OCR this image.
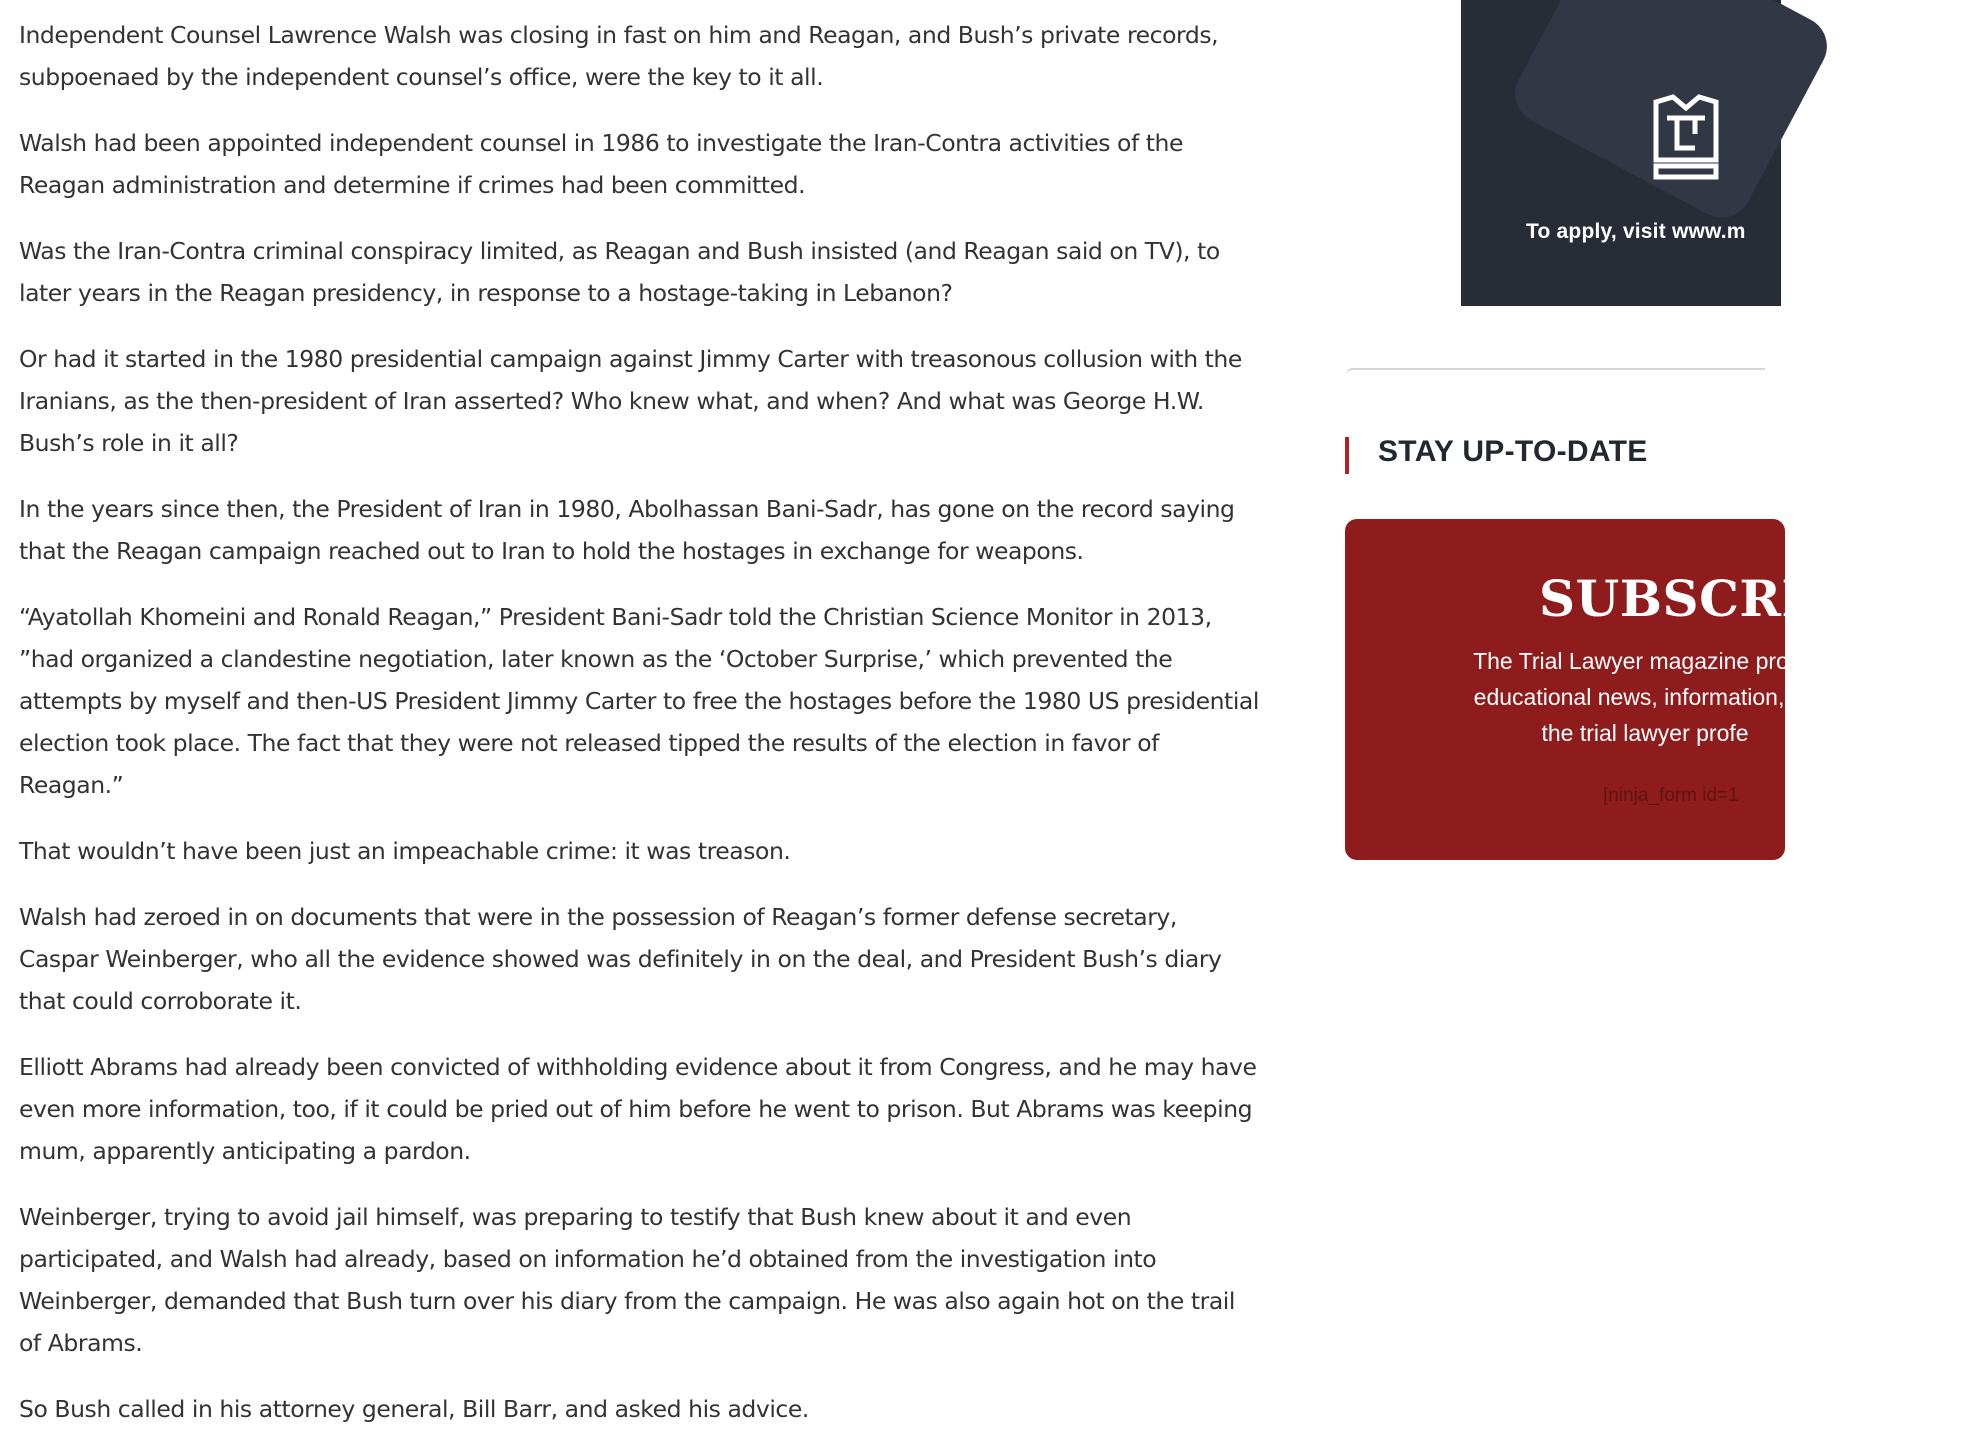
Independent Counsel Lawrence Walsh was closing in fast on him and Reagan, and Bush’s private records, subpoenaed by the independent counsel’s office, were the key to it all.

Walsh had been appointed independent counsel in 1986 to investigate the Iran-Contra activities of the Reagan administration and determine if crimes had been committed.

Was the Iran-Contra criminal conspiracy limited, as Reagan and Bush insisted (and Reagan said on TV), to later years in the Reagan presidency, in response to a hostage-taking in Lebanon?

Or had it started in the 1980 presidential campaign against Jimmy Carter with treasonous collusion with the Iranians, as the then-president of Iran asserted? Who knew what, and when? And what was George H.W. Bush’s role in it all?

In the years since then, the President of Iran in 1980, Abolhassan Bani-Sadr, has gone on the record saying that the Reagan campaign reached out to Iran to hold the hostages in exchange for weapons.

“Ayatollah Khomeini and Ronald Reagan,” President Bani-Sadr told the Christian Science Monitor in 2013, ”had organized a clandestine negotiation, later known as the ‘October Surprise,’ which prevented the attempts by myself and then-US President Jimmy Carter to free the hostages before the 1980 US presidential election took place. The fact that they were not released tipped the results of the election in favor of Reagan.”

That wouldn’t have been just an impeachable crime: it was treason.

Walsh had zeroed in on documents that were in the possession of Reagan’s former defense secretary, Caspar Weinberger, who all the evidence showed was definitely in on the deal, and President Bush’s diary that could corroborate it.

Elliott Abrams had already been convicted of withholding evidence about it from Congress, and he may have even more information, too, if it could be pried out of him before he went to prison. But Abrams was keeping mum, apparently anticipating a pardon.

Weinberger, trying to avoid jail himself, was preparing to testify that Bush knew about it and even participated, and Walsh had already, based on information he’d obtained from the investigation into Weinberger, demanded that Bush turn over his diary from the campaign. He was also again hot on the trail of Abrams.

So Bush called in his attorney general, Bill Barr, and asked his advice.

To apply, visit www.m
STAY UP-TO-DATE
SUBSCRI
The Trial Lawyer magazine provic
educational news, information, an
the trial lawyer profe
[ninja_form id=1
